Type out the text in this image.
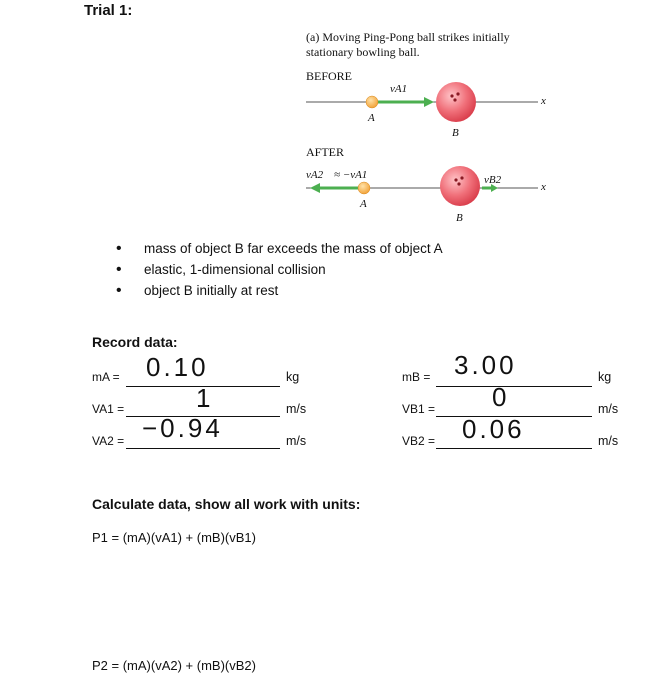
Trial 1:
(a) Moving Ping-Pong ball strikes initially
stationary bowling ball.
BEFORE
AFTER
vA1
A
B
x
vA2 ≈ −vA1
A
B
vB2
x
• mass of object B far exceeds the mass of object A
• elastic, 1-dimensional collision
• object B initially at rest
Record data:
mA = 0.10	kg	mB = 3.00	kg
VA1 =	1	m/s	VB1 = 0	m/s
VA2 = −0.94	m/s	VB2 = 0.06	m/s
Calculate data, show all work with units:
P1 = (mA)(vA1) + (mB)(vB1)
P2 = (mA)(vA2) + (mB)(vB2)
